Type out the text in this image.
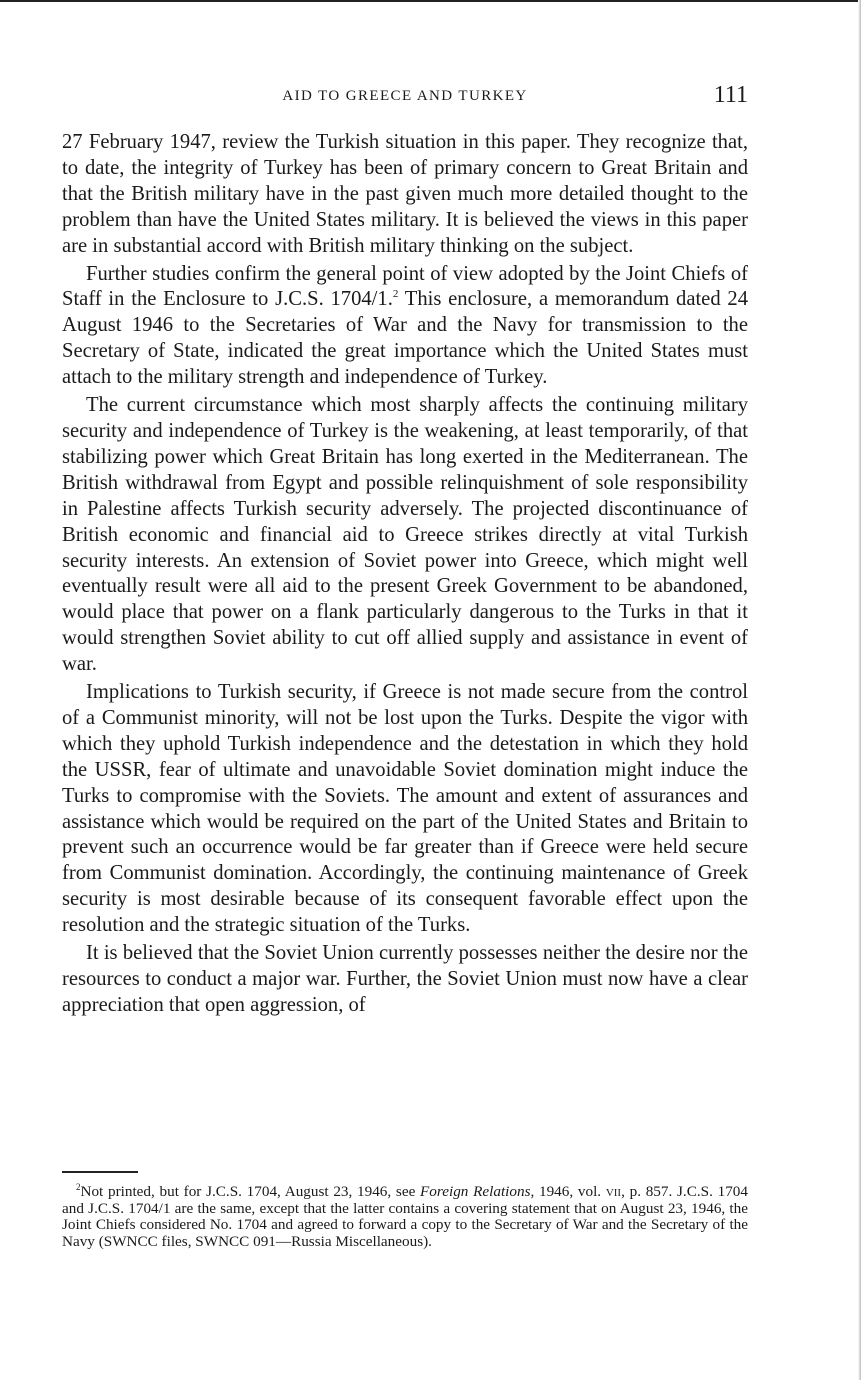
AID TO GREECE AND TURKEY	111

27 February 1947, review the Turkish situation in this paper. They recognize that, to date, the integrity of Turkey has been of primary concern to Great Britain and that the British military have in the past given much more detailed thought to the problem than have the United States military. It is believed the views in this paper are in substantial accord with British military thinking on the subject.

Further studies confirm the general point of view adopted by the Joint Chiefs of Staff in the Enclosure to J.C.S. 1704/1.$^2$ This enclosure, a memorandum dated 24 August 1946 to the Secretaries of War and the Navy for transmission to the Secretary of State, indicated the great importance which the United States must attach to the military strength and independence of Turkey.

The current circumstance which most sharply affects the continuing military security and independence of Turkey is the weakening, at least temporarily, of that stabilizing power which Great Britain has long exerted in the Mediterranean. The British withdrawal from Egypt and possible relinquishment of sole responsibility in Palestine affects Turkish security adversely. The projected discontinuance of British economic and financial aid to Greece strikes directly at vital Turkish security interests. An extension of Soviet power into Greece, which might well eventually result were all aid to the present Greek Government to be abandoned, would place that power on a flank particularly dangerous to the Turks in that it would strengthen Soviet ability to cut off allied supply and assistance in event of war.

Implications to Turkish security, if Greece is not made secure from the control of a Communist minority, will not be lost upon the Turks. Despite the vigor with which they uphold Turkish independence and the detestation in which they hold the USSR, fear of ultimate and unavoidable Soviet domination might induce the Turks to compromise with the Soviets. The amount and extent of assurances and assistance which would be required on the part of the United States and Britain to prevent such an occurrence would be far greater than if Greece were held secure from Communist domination. Accordingly, the continuing maintenance of Greek security is most desirable because of its consequent favorable effect upon the resolution and the strategic situation of the Turks.

It is believed that the Soviet Union currently possesses neither the desire nor the resources to conduct a major war. Further, the Soviet Union must now have a clear appreciation that open aggression, of

$^2$Not printed, but for J.C.S. 1704, August 23, 1946, see Foreign Relations, 1946, vol. vii, p. 857. J.C.S. 1704 and J.C.S. 1704/1 are the same, except that the latter contains a covering statement that on August 23, 1946, the Joint Chiefs considered No. 1704 and agreed to forward a copy to the Secretary of War and the Secretary of the Navy (SWNCC files, SWNCC 091—Russia Miscellaneous).
